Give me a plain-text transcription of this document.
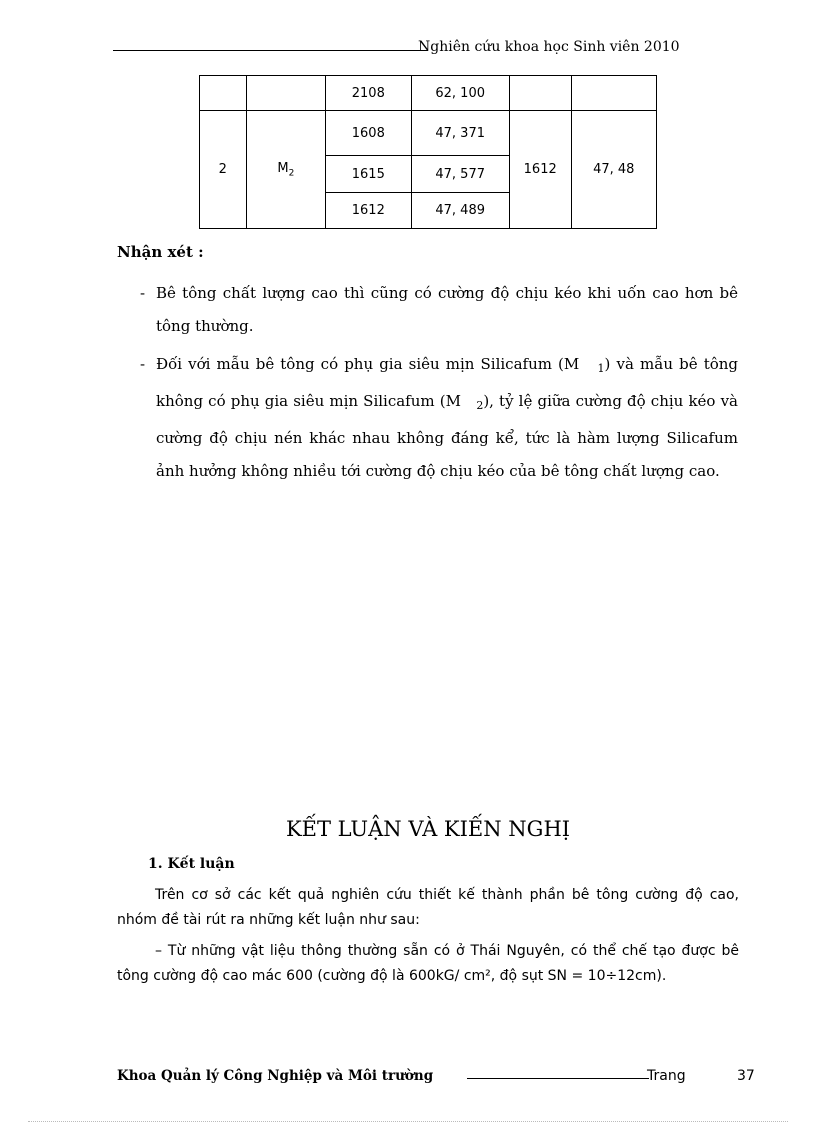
Nghiên cứu khoa học Sinh viên 2010
		2108	62, 100		
2	$M_2$	1608	47, 371	1612	47, 48
		1615	47, 577		
		1612	47, 489		
Nhận xét :
- Bê tông chất lượng cao thì cũng có cường độ chịu kéo khi uốn cao hơn bê tông thường.
- Đối với mẫu bê tông có phụ gia siêu mịn Silicafum (M $_1$) và mẫu bê tông không có phụ gia siêu mịn Silicafum (M $_2$), tỷ lệ giữa cường độ chịu kéo và cường độ chịu nén khác nhau không đáng kể, tức là hàm lượng Silicafum ảnh hưởng không nhiều tới cường độ chịu kéo của bê tông chất lượng cao.
KẾT LUẬN VÀ KIẾN NGHỊ
1. Kết luận
Trên cơ sở các kết quả nghiên cứu thiết kế thành phần bê tông cường độ cao, nhóm đề tài rút ra những kết luận như sau:
– Từ những vật liệu thông thường sẵn có ở Thái Nguyên, có thể chế tạo được bê tông cường độ cao mác 600 (cường độ là 600kG/ cm², độ sụt SN = 10÷12cm).
Khoa Quản lý Công Nghiệp và Môi trường	Trang	37
